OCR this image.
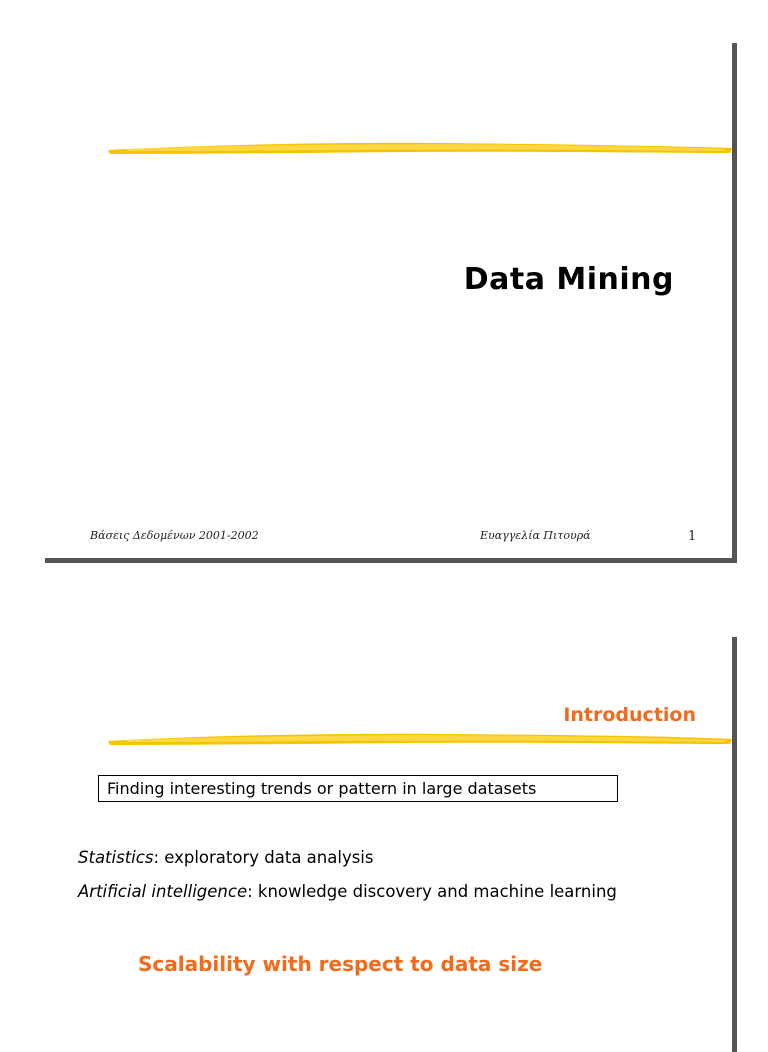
Data Mining
Βάσεις Δεδομένων 2001-2002	Ευαγγελία Πιτουρά	1
Introduction
Finding interesting trends or pattern in large datasets
Statistics: exploratory data analysis
Artificial intelligence: knowledge discovery and machine learning
Scalability with respect to data size
